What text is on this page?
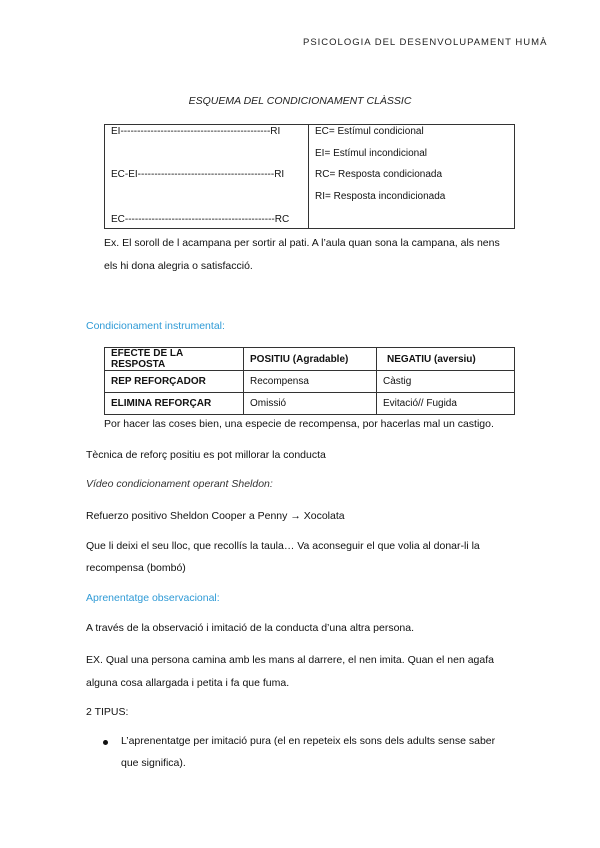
PSICOLOGIA DEL DESENVOLUPAMENT HUMÀ
ESQUEMA DEL CONDICIONAMENT CLÀSSIC
EI---------------------------------------------RI
EC-EI-----------------------------------------RI
EC---------------------------------------------RC

EC= Estímul condicional
EI= Estímul incondicional
RC= Resposta condicionada
RI= Resposta incondicionada
Ex. El soroll de l acampana per sortir al pati. A l’aula quan sona la campana, als nens
els hi dona alegria o satisfacció.
Condicionament instrumental:
EFECTE DE LA RESPOSTA	POSITIU (Agradable)	NEGATIU (aversiu)
REP REFORÇADOR	Recompensa	Càstig
ELIMINA REFORÇAR	Omissió	Evitació// Fugida
Por hacer las coses bien, una especie de recompensa, por hacerlas mal un castigo.
Tècnica de reforç positiu es pot millorar la conducta
Vídeo condicionament operant Sheldon:
Refuerzo positivo Sheldon Cooper a Penny → Xocolata
Que li deixi el seu lloc, que recollís la taula… Va aconseguir el que volia al donar-li la
recompensa (bombó)
Aprenentatge observacional:
A través de la observació i imitació de la conducta d’una altra persona.
EX. Qual una persona camina amb les mans al darrere, el nen imita. Quan el nen agafa
alguna cosa allargada i petita i fa que fuma.
2 TIPUS:
L’aprenentatge per imitació pura (el en repeteix els sons dels adults sense saber
que significa).
